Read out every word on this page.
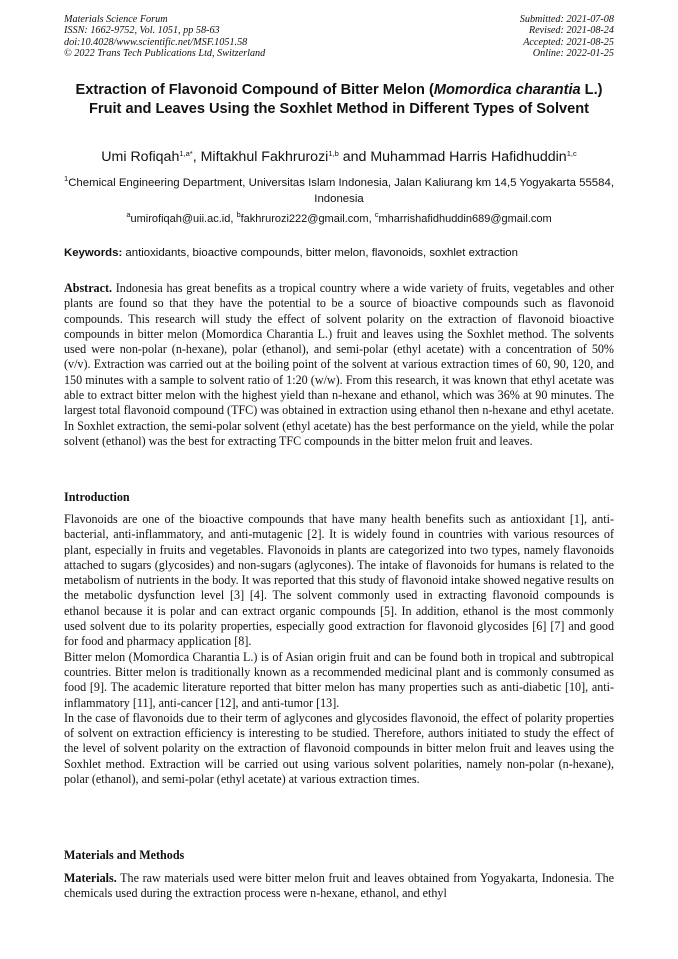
Materials Science Forum
ISSN: 1662-9752, Vol. 1051, pp 58-63
doi:10.4028/www.scientific.net/MSF.1051.58
© 2022 Trans Tech Publications Ltd, Switzerland
Submitted: 2021-07-08
Revised: 2021-08-24
Accepted: 2021-08-25
Online: 2022-01-25
Extraction of Flavonoid Compound of Bitter Melon (Momordica charantia L.) Fruit and Leaves Using the Soxhlet Method in Different Types of Solvent
Umi Rofiqah$^{1,a*}$, Miftakhul Fakhrurozi$^{1,b}$ and Muhammad Harris Hafidhuddin$^{1,c}$
$^1$Chemical Engineering Department, Universitas Islam Indonesia, Jalan Kaliurang km 14,5 Yogyakarta 55584, Indonesia
$^a$umirofiqah@uii.ac.id, $^b$fakhrurozi222@gmail.com, $^c$mharrishafidhuddin689@gmail.com
Keywords: antioxidants, bioactive compounds, bitter melon, flavonoids, soxhlet extraction

Abstract. Indonesia has great benefits as a tropical country where a wide variety of fruits, vegetables and other plants are found so that they have the potential to be a source of bioactive compounds such as flavonoid compounds. This research will study the effect of solvent polarity on the extraction of flavonoid bioactive compounds in bitter melon (Momordica Charantia L.) fruit and leaves using the Soxhlet method. The solvents used were non-polar (n-hexane), polar (ethanol), and semi-polar (ethyl acetate) with a concentration of 50% (v/v). Extraction was carried out at the boiling point of the solvent at various extraction times of 60, 90, 120, and 150 minutes with a sample to solvent ratio of 1:20 (w/w). From this research, it was known that ethyl acetate was able to extract bitter melon with the highest yield than n-hexane and ethanol, which was 36% at 90 minutes. The largest total flavonoid compound (TFC) was obtained in extraction using ethanol then n-hexane and ethyl acetate. In Soxhlet extraction, the semi-polar solvent (ethyl acetate) has the best performance on the yield, while the polar solvent (ethanol) was the best for extracting TFC compounds in the bitter melon fruit and leaves.

Introduction

Flavonoids are one of the bioactive compounds that have many health benefits such as antioxidant [1], anti-bacterial, anti-inflammatory, and anti-mutagenic [2]. It is widely found in countries with various resources of plant, especially in fruits and vegetables. Flavonoids in plants are categorized into two types, namely flavonoids attached to sugars (glycosides) and non-sugars (aglycones). The intake of flavonoids for humans is related to the metabolism of nutrients in the body. It was reported that this study of flavonoid intake showed negative results on the metabolic dysfunction level [3] [4]. The solvent commonly used in extracting flavonoid compounds is ethanol because it is polar and can extract organic compounds [5]. In addition, ethanol is the most commonly used solvent due to its polarity properties, especially good extraction for flavonoid glycosides [6] [7] and good for food and pharmacy application [8].

Bitter melon (Momordica Charantia L.) is of Asian origin fruit and can be found both in tropical and subtropical countries. Bitter melon is traditionally known as a recommended medicinal plant and is commonly consumed as food [9]. The academic literature reported that bitter melon has many properties such as anti-diabetic [10], anti-inflammatory [11], anti-cancer [12], and anti-tumor [13].

In the case of flavonoids due to their term of aglycones and glycosides flavonoid, the effect of polarity properties of solvent on extraction efficiency is interesting to be studied. Therefore, authors initiated to study the effect of the level of solvent polarity on the extraction of flavonoid compounds in bitter melon fruit and leaves using the Soxhlet method. Extraction will be carried out using various solvent polarities, namely non-polar (n-hexane), polar (ethanol), and semi-polar (ethyl acetate) at various extraction times.

Materials and Methods

Materials. The raw materials used were bitter melon fruit and leaves obtained from Yogyakarta, Indonesia. The chemicals used during the extraction process were n-hexane, ethanol, and ethyl
